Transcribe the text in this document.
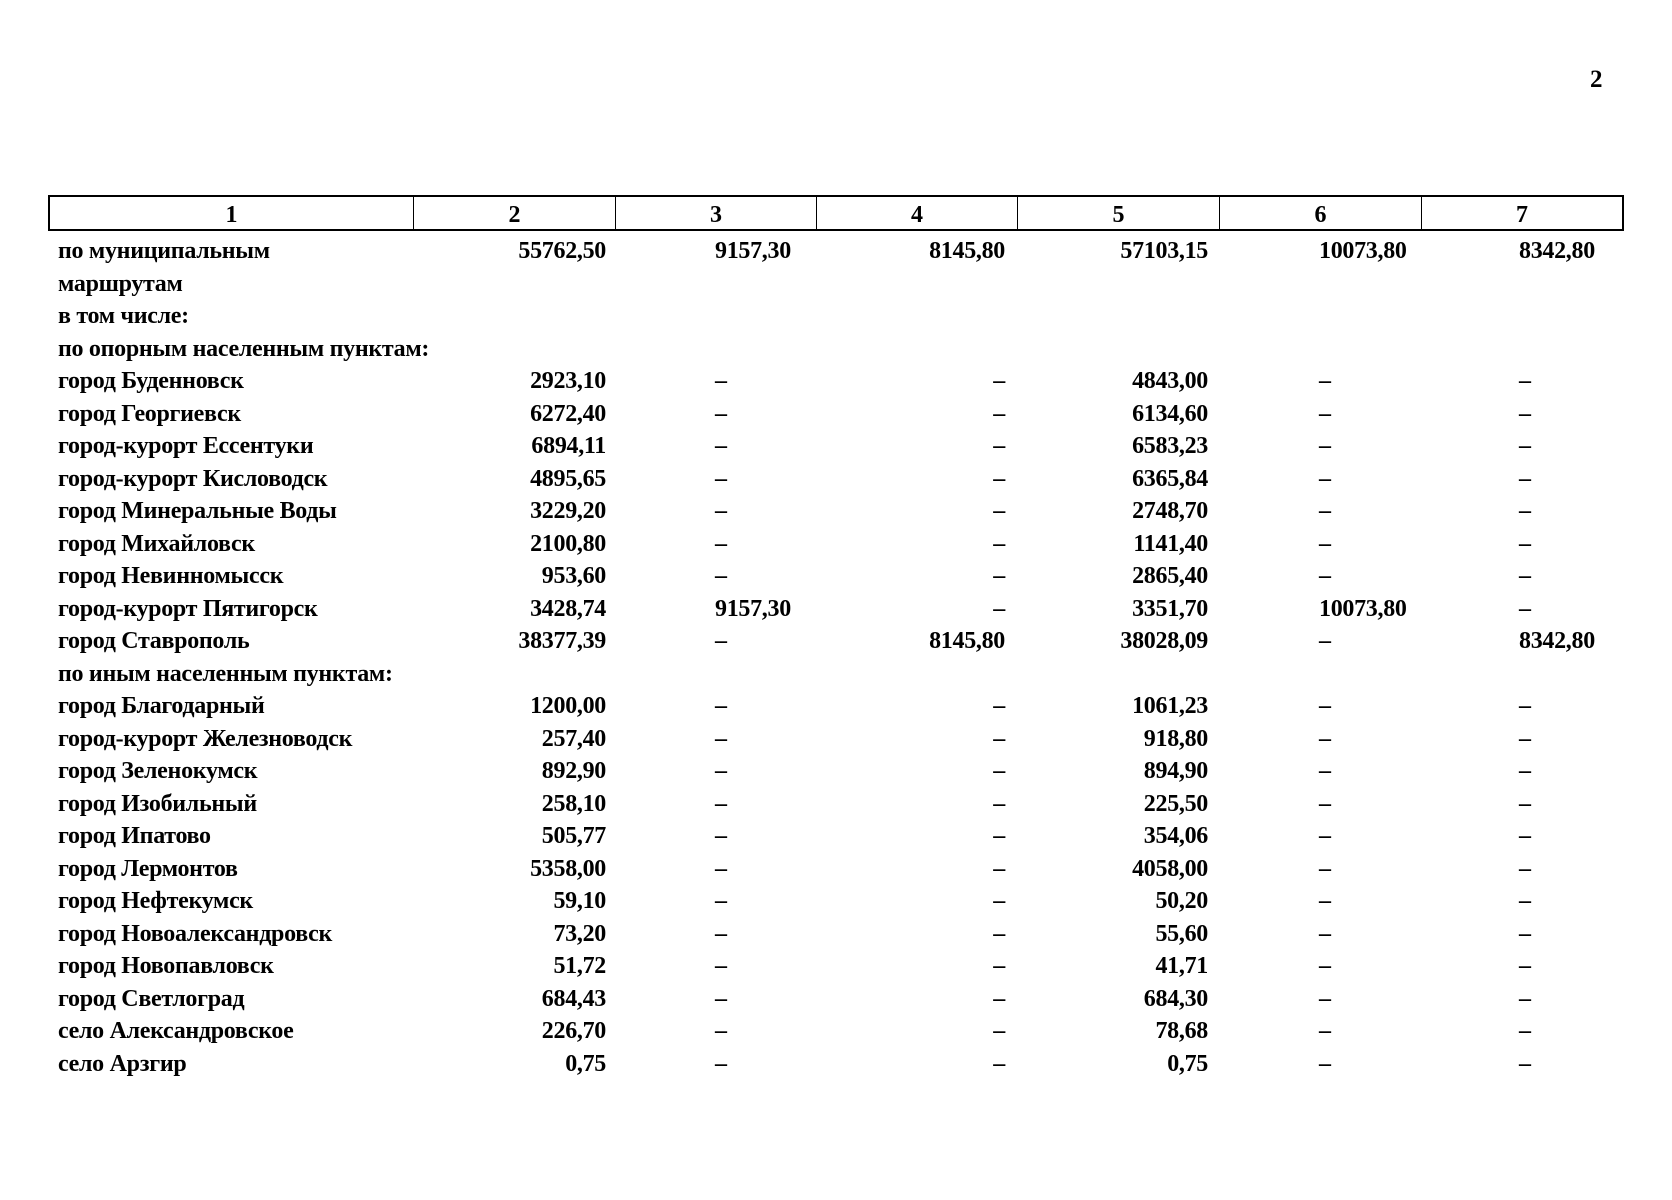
2
1	2	3	4	5	6	7
по муниципальным	55762,50	9157,30	8145,80	57103,15	10073,80	8342,80
маршрутам
в том числе:
по опорным населенным пунктам:
город Буденновск	2923,10	–	–	4843,00	–	–
город Георгиевск	6272,40	–	–	6134,60	–	–
город-курорт Ессентуки	6894,11	–	–	6583,23	–	–
город-курорт Кисловодск	4895,65	–	–	6365,84	–	–
город Минеральные Воды	3229,20	–	–	2748,70	–	–
город Михайловск	2100,80	–	–	1141,40	–	–
город Невинномысск	953,60	–	–	2865,40	–	–
город-курорт Пятигорск	3428,74	9157,30	–	3351,70	10073,80	–
город Ставрополь	38377,39	–	8145,80	38028,09	–	8342,80
по иным населенным пунктам:
город Благодарный	1200,00	–	–	1061,23	–	–
город-курорт Железноводск	257,40	–	–	918,80	–	–
город Зеленокумск	892,90	–	–	894,90	–	–
город Изобильный	258,10	–	–	225,50	–	–
город Ипатово	505,77	–	–	354,06	–	–
город Лермонтов	5358,00	–	–	4058,00	–	–
город Нефтекумск	59,10	–	–	50,20	–	–
город Новоалександровск	73,20	–	–	55,60	–	–
город Новопавловск	51,72	–	–	41,71	–	–
город Светлоград	684,43	–	–	684,30	–	–
село Александровское	226,70	–	–	78,68	–	–
село Арзгир	0,75	–	–	0,75	–	–
